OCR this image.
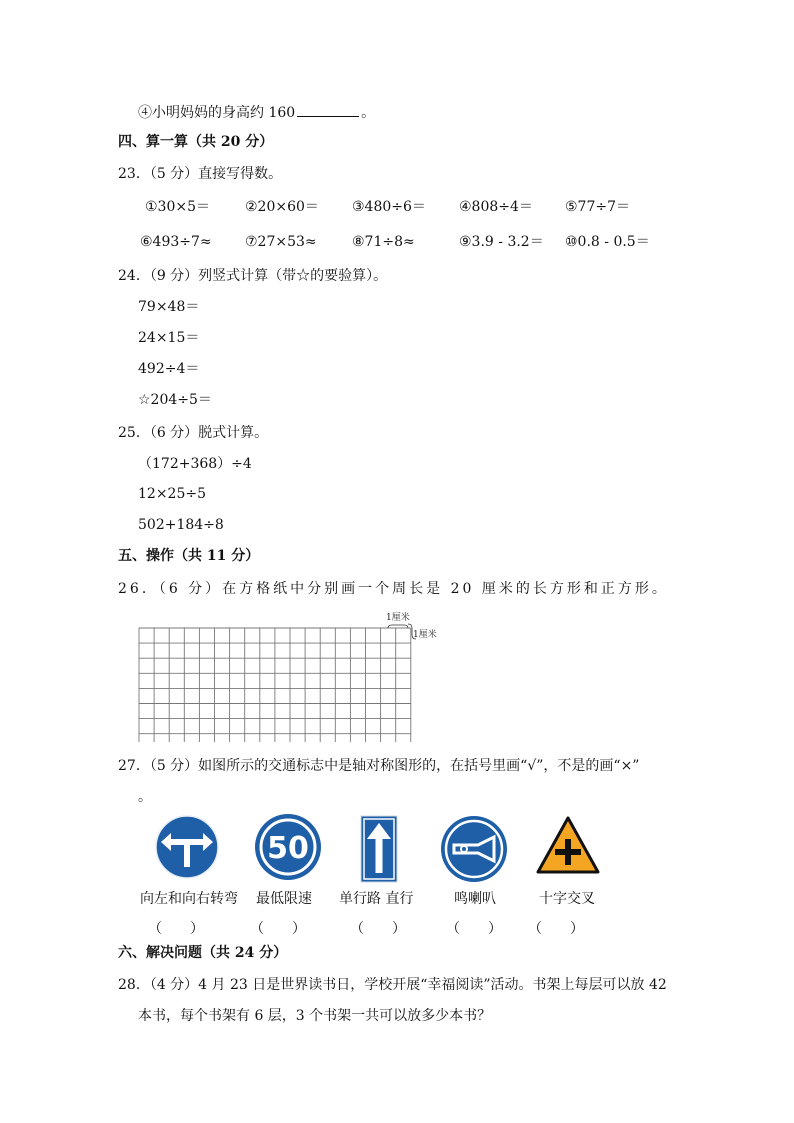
④小明妈妈的身高约 160	。
四、算一算（共 20 分）
23．（5 分）直接写得数。
①30×5＝ ②20×60＝ ③480÷6＝ ④808÷4＝ ⑤77÷7＝
⑥493÷7≈ ⑦27×53≈	⑧71÷8≈	⑨3.9 - 3.2＝ ⑩0.8 - 0.5＝
24．（9 分）列竖式计算（带☆的要验算）。
79×48＝
24×15＝
492÷4＝
☆204÷5＝
25．（6 分）脱式计算。
（172+368）÷4
12×25÷5
502+184÷8
五、操作（共 11 分）
26．（6 分）在方格纸中分别画一个周长是 20 厘米的长方形和正方形。
1厘米
1厘米
27．（5 分）如图所示的交通标志中是轴对称图形的，在括号里画“√”，不是的画“×”
。
50
向左和向右转弯 最低限速 单行路 直行	鸣喇叭	十字交叉
（　　）	（　　）	（　　）	（　　） （　　）
六、解决问题（共 24 分）
28．（4 分）4 月 23 日是世界读书日，学校开展“幸福阅读”活动。书架上每层可以放 42
本书，每个书架有 6 层，3 个书架一共可以放多少本书？
